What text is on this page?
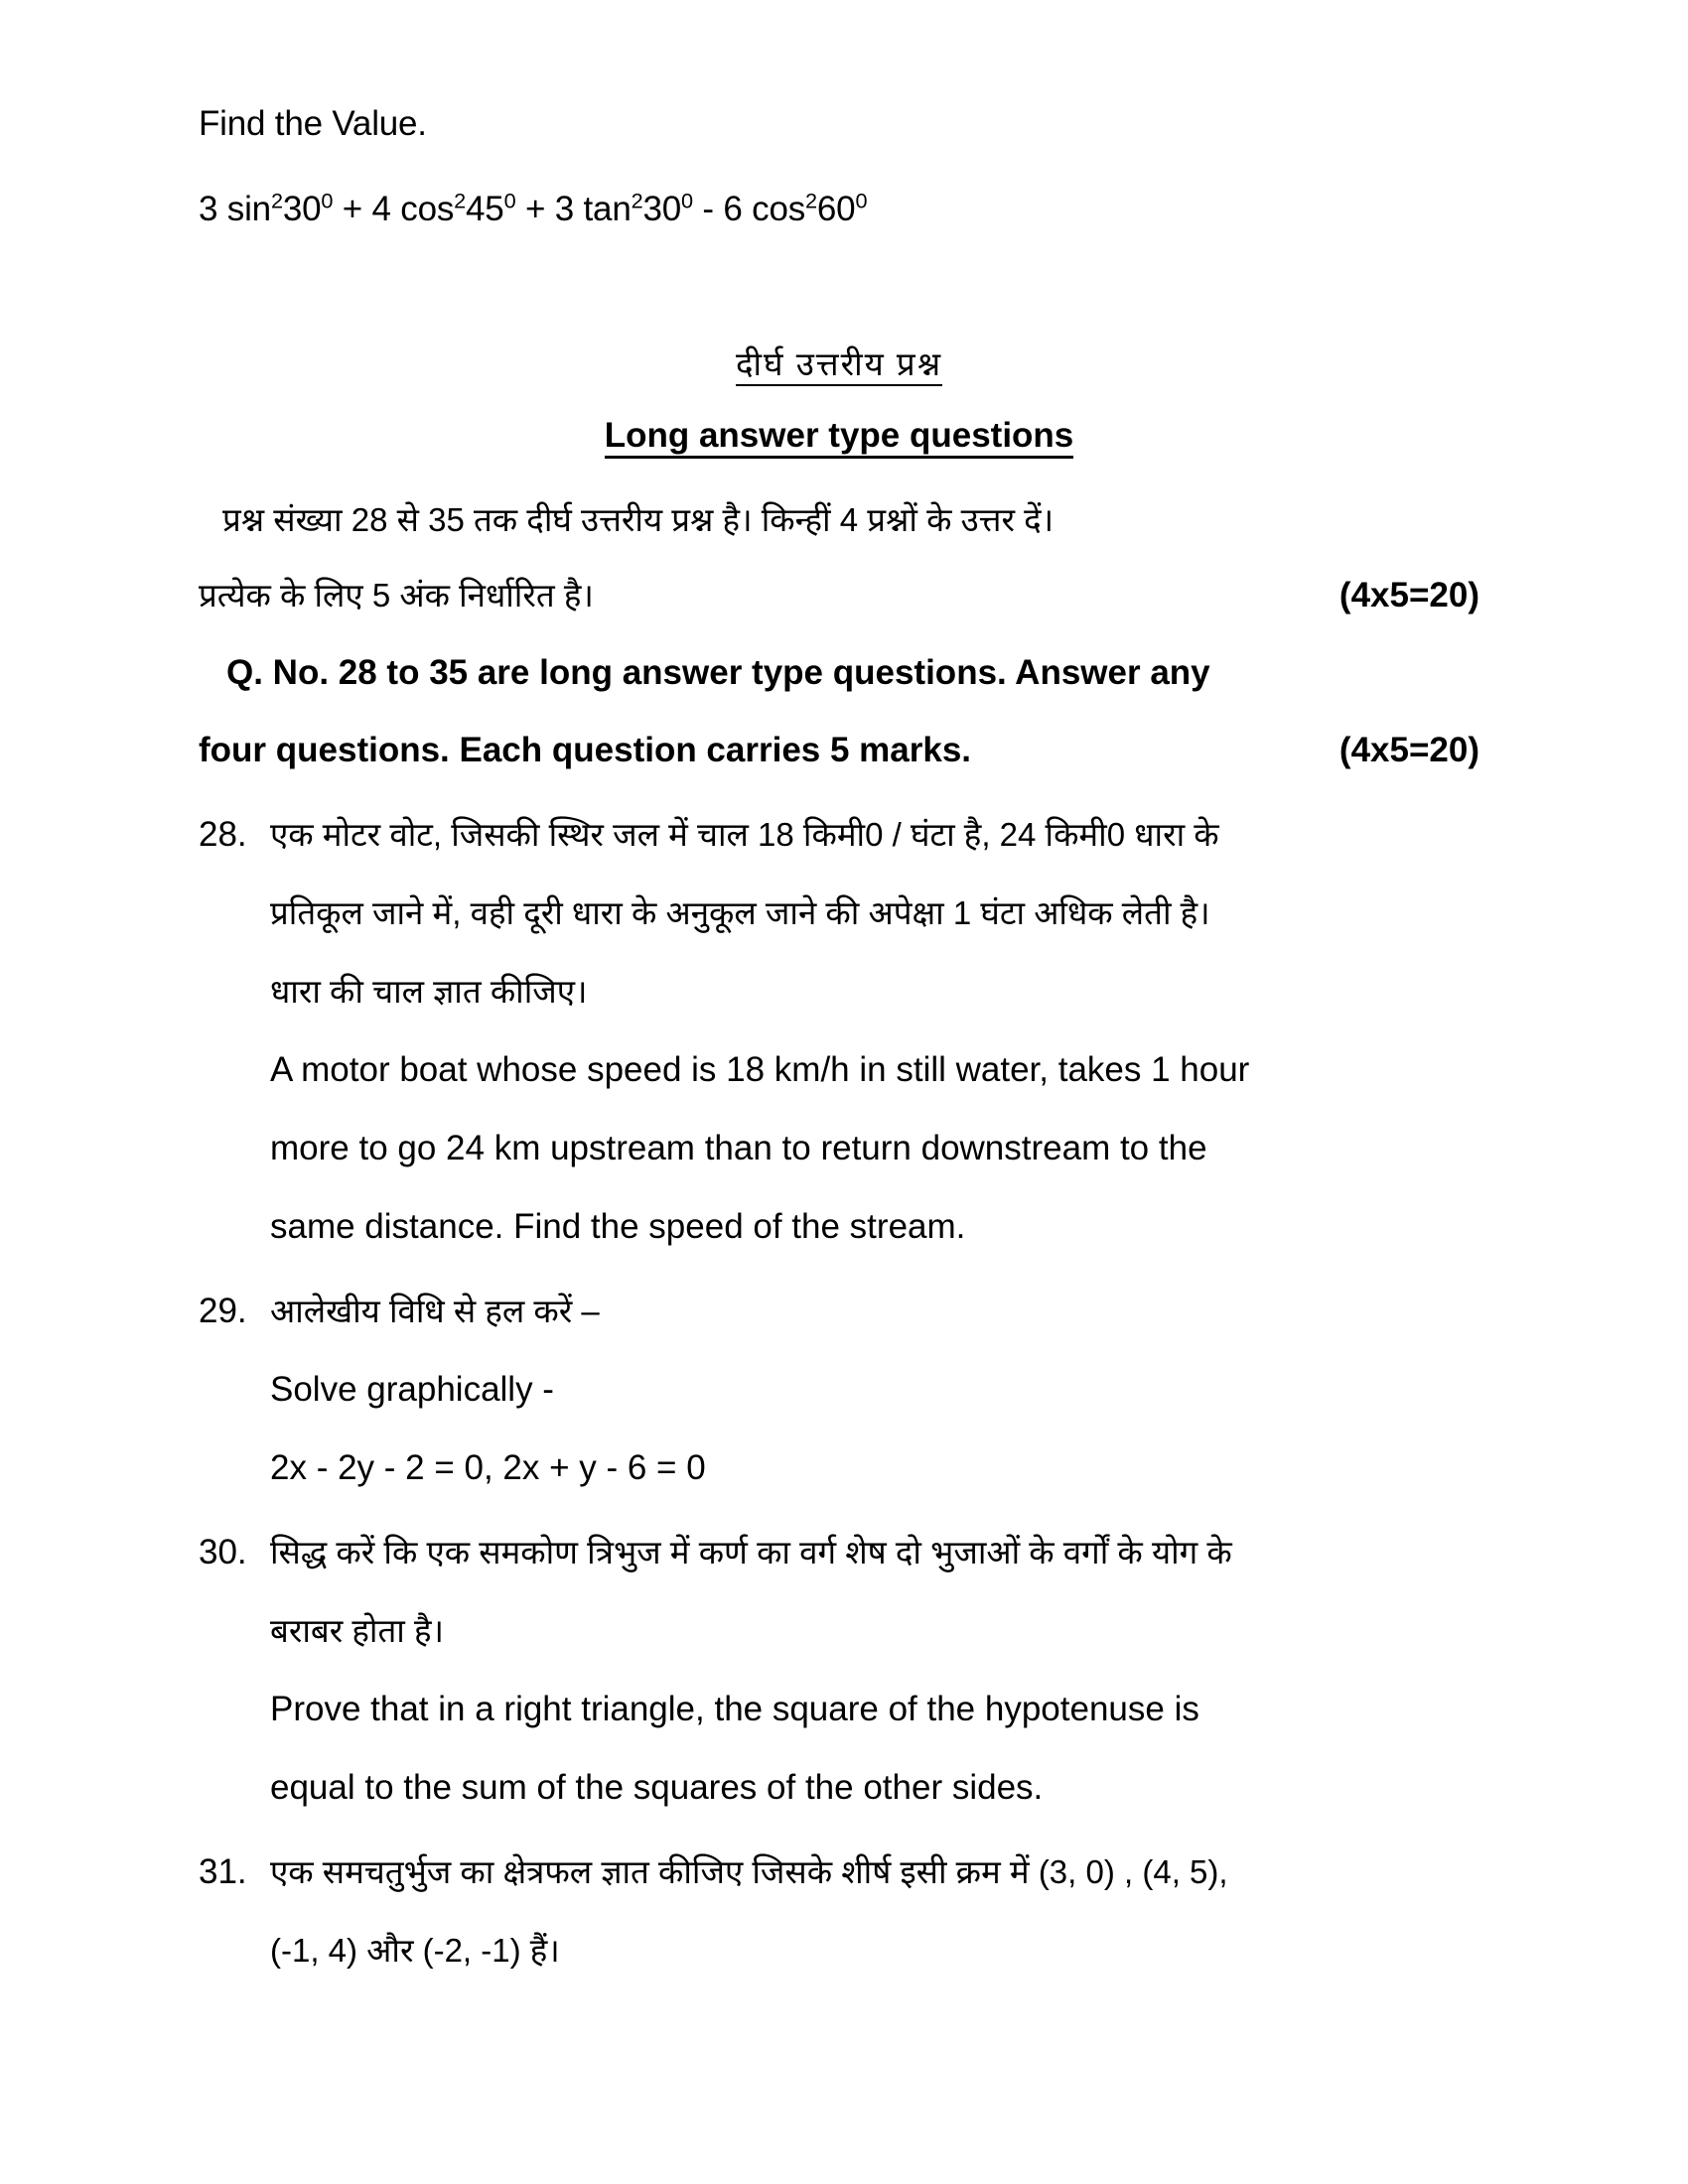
Find the Value.
3 $\sin^230^0 + 4$ $\cos^245^0 + 3$ $\tan^230^0 - 6$ $\cos^260^0$
दीर्घ उत्तरीय प्रश्न
Long answer type questions
प्रश्न संख्या 28 से 35 तक दीर्घ उत्तरीय प्रश्न है। किन्हीं 4 प्रश्नों के उत्तर दें।
प्रत्येक के लिए 5 अंक निर्धारित है।	(4x5=20)
Q. No. 28 to 35 are long answer type questions. Answer any
four questions. Each question carries 5 marks.	(4x5=20)
28. एक मोटर वोट, जिसकी स्थिर जल में चाल 18 किमी0 / घंटा है, 24 किमी0 धारा के
प्रतिकूल जाने में, वही दूरी धारा के अनुकूल जाने की अपेक्षा 1 घंटा अधिक लेती है।
धारा की चाल ज्ञात कीजिए।
A motor boat whose speed is 18 km/h in still water, takes 1 hour
more to go 24 km upstream than to return downstream to the
same distance. Find the speed of the stream.
29. आलेखीय विधि से हल करें –
Solve graphically -
2x - 2y - 2 = 0, 2x + y - 6 = 0
30. सिद्ध करें कि एक समकोण त्रिभुज में कर्ण का वर्ग शेष दो भुजाओं के वर्गों के योग के
बराबर होता है।
Prove that in a right triangle, the square of the hypotenuse is
equal to the sum of the squares of the other sides.
31. एक समचतुर्भुज का क्षेत्रफल ज्ञात कीजिए जिसके शीर्ष इसी क्रम में (3, 0) , (4, 5),
(-1, 4) और (-2, -1) हैं।
